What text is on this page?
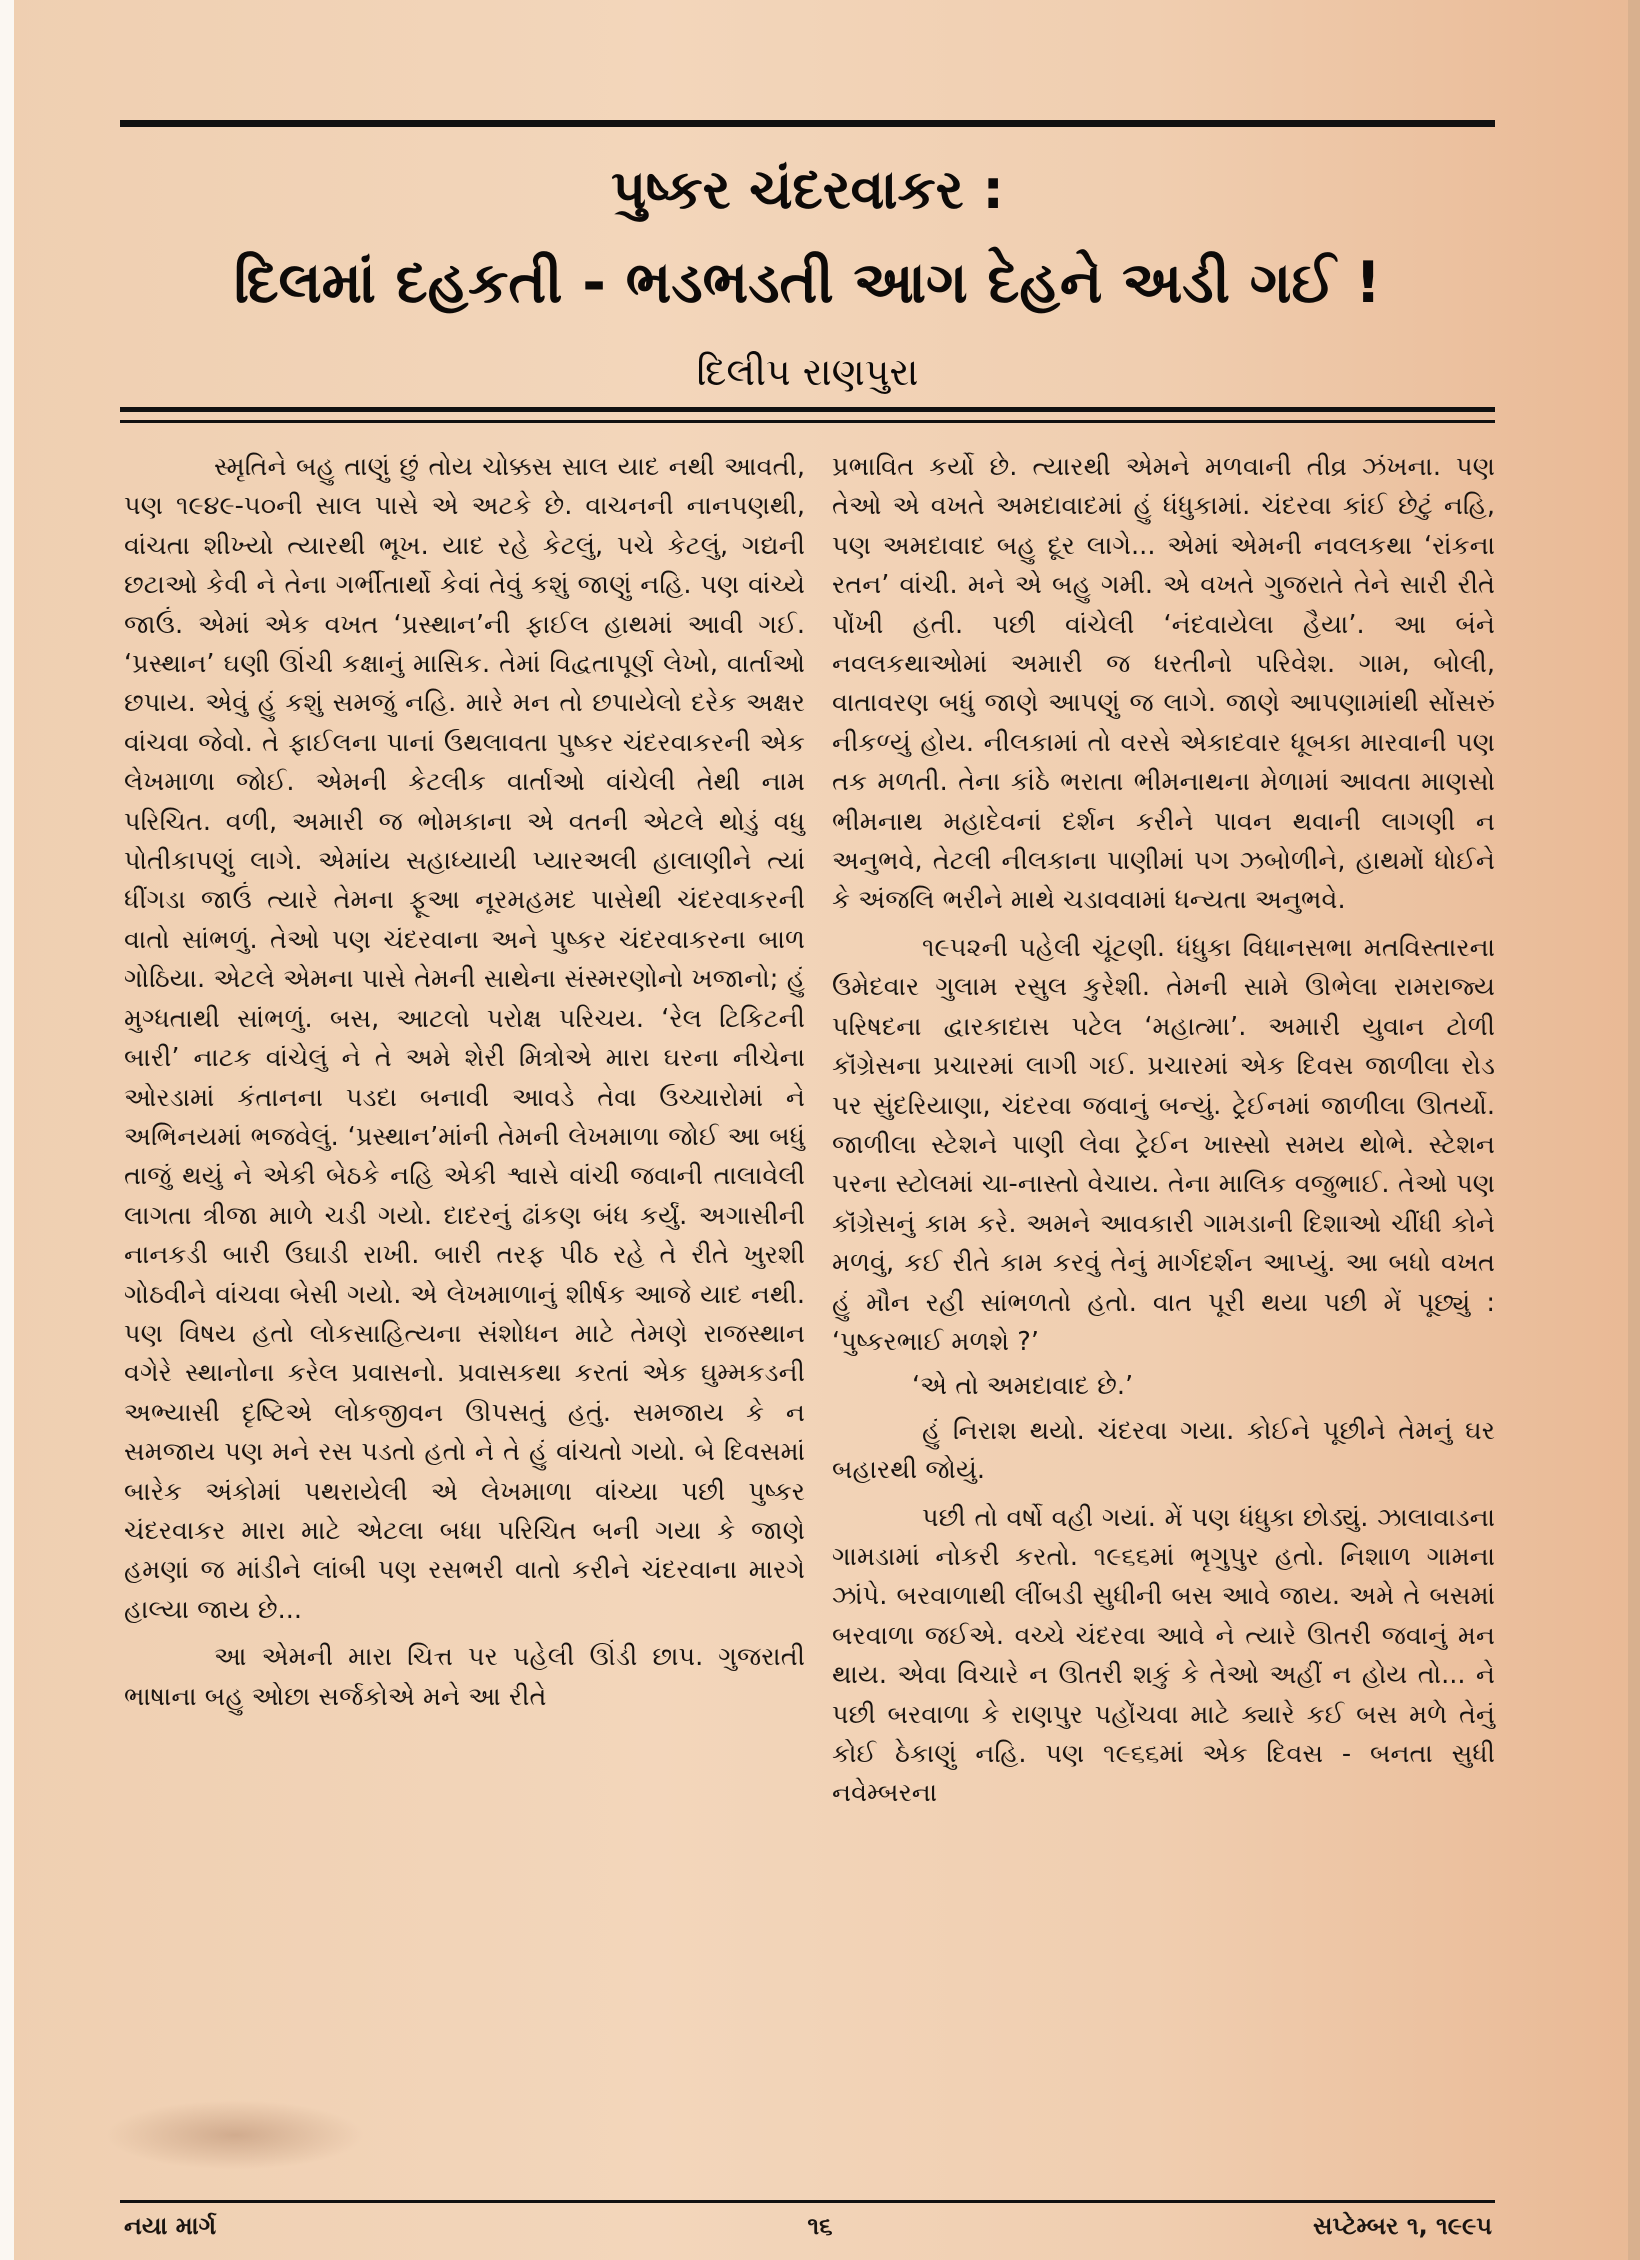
પુષ્કર ચંદરવાકર :
દિલમાં દહકતી - ભડભડતી આગ દેહને અડી ગઈ !
દિલીપ રાણપુરા

સ્મૃતિને બહુ તાણું છું તોય ચોક્કસ સાલ યાદ નથી આવતી, પણ ૧૯૪૯-૫૦ની સાલ પાસે એ અટકે છે. વાચનની નાનપણથી, વાંચતા શીખ્યો ત્યારથી ભૂખ. યાદ રહે કેટલું, પચે કેટલું, ગદ્યની છટાઓ કેવી ને તેના ગર્ભીતાર્થો કેવાં તેવું કશું જાણું નહિ. પણ વાંચ્યે જાઉં. એમાં એક વખત ‘પ્રસ્થાન’ની ફાઈલ હાથમાં આવી ગઈ. ‘પ્રસ્થાન’ ઘણી ઊંચી કક્ષાનું માસિક. તેમાં વિદ્વતાપૂર્ણ લેખો, વાર્તાઓ છપાય. એવું હું કશું સમજું નહિ. મારે મન તો છપાયેલો દરેક અક્ષર વાંચવા જેવો. તે ફાઈલના પાનાં ઉથલાવતા પુષ્કર ચંદરવાકરની એક લેખમાળા જોઈ. એમની કેટલીક વાર્તાઓ વાંચેલી તેથી નામ પરિચિત. વળી, અમારી જ ભોમકાના એ વતની એટલે થોડું વધુ પોતીકાપણું લાગે. એમાંય સહાધ્યાયી પ્યારઅલી હાલાણીને ત્યાં ધીંગડા જાઉં ત્યારે તેમના ફૂઆ નૂરમહમદ પાસેથી ચંદરવાકરની વાતો સાંભળું. તેઓ પણ ચંદરવાના અને પુષ્કર ચંદરવાકરના બાળ ગોઠિયા. એટલે એમના પાસે તેમની સાથેના સંસ્મરણોનો ખજાનો; હું મુગ્ધતાથી સાંભળું. બસ, આટલો પરોક્ષ પરિચય. ‘રેલ ટિકિટની બારી’ નાટક વાંચેલું ને તે અમે શેરી મિત્રોએ મારા ઘરના નીચેના ઓરડામાં કંતાનના પડદા બનાવી આવડે તેવા ઉચ્ચારોમાં ને અભિનયમાં ભજવેલું. ‘પ્રસ્થાન’માંની તેમની લેખમાળા જોઈ આ બધું તાજું થયું ને એકી બેઠકે નહિ એકી શ્વાસે વાંચી જવાની તાલાવેલી લાગતા ત્રીજા માળે ચડી ગયો. દાદરનું ઢાંકણ બંધ કર્યું. અગાસીની નાનકડી બારી ઉઘાડી રાખી. બારી તરફ પીઠ રહે તે રીતે ખુરશી ગોઠવીને વાંચવા બેસી ગયો. એ લેખમાળાનું શીર્ષક આજે યાદ નથી. પણ વિષય હતો લોકસાહિત્યના સંશોધન માટે તેમણે રાજસ્થાન વગેરે સ્થાનોના કરેલ પ્રવાસનો. પ્રવાસકથા કરતાં એક ઘુમ્મકડની અભ્યાસી દૃષ્ટિએ લોકજીવન ઊપસતું હતું. સમજાય કે ન સમજાય પણ મને રસ પડતો હતો ને તે હું વાંચતો ગયો. બે દિવસમાં બારેક અંકોમાં પથરાયેલી એ લેખમાળા વાંચ્યા પછી પુષ્કર ચંદરવાકર મારા માટે એટલા બધા પરિચિત બની ગયા કે જાણે હમણાં જ માંડીને લાંબી પણ રસભરી વાતો કરીને ચંદરવાના મારગે હાલ્યા જાય છે...

આ એમની મારા ચિત્ત પર પહેલી ઊંડી છાપ. ગુજરાતી ભાષાના બહુ ઓછા સર્જકોએ મને આ રીતે

પ્રભાવિત કર્યો છે. ત્યારથી એમને મળવાની તીવ્ર ઝંખના. પણ તેઓ એ વખતે અમદાવાદમાં હું ધંધુકામાં. ચંદરવા કાંઈ છેટું નહિ, પણ અમદાવાદ બહુ દૂર લાગે... એમાં એમની નવલકથા ‘રાંકના રતન’ વાંચી. મને એ બહુ ગમી. એ વખતે ગુજરાતે તેને સારી રીતે પોંખી હતી. પછી વાંચેલી ‘નંદવાયેલા હૈયા’. આ બંને નવલકથાઓમાં અમારી જ ધરતીનો પરિવેશ. ગામ, બોલી, વાતાવરણ બધું જાણે આપણું જ લાગે. જાણે આપણામાંથી સોંસરું નીકળ્યું હોય. નીલકામાં તો વરસે એકાદવાર ધૂબકા મારવાની પણ તક મળતી. તેના કાંઠે ભરાતા ભીમનાથના મેળામાં આવતા માણસો ભીમનાથ મહાદેવનાં દર્શન કરીને પાવન થવાની લાગણી ન અનુભવે, તેટલી નીલકાના પાણીમાં પગ ઝબોળીને, હાથમોં ધોઈને કે અંજલિ ભરીને માથે ચડાવવામાં ધન્યતા અનુભવે.

૧૯૫૨ની પહેલી ચૂંટણી. ધંધુકા વિધાનસભા મતવિસ્તારના ઉમેદવાર ગુલામ રસુલ કુરેશી. તેમની સામે ઊભેલા રામરાજ્ય પરિષદના દ્વારકાદાસ પટેલ ‘મહાત્મા’. અમારી યુવાન ટોળી કૉંગ્રેસના પ્રચારમાં લાગી ગઈ. પ્રચારમાં એક દિવસ જાળીલા રોડ પર સુંદરિયાણા, ચંદરવા જવાનું બન્યું. ટ્રેઈનમાં જાળીલા ઊતર્યો. જાળીલા સ્ટેશને પાણી લેવા ટ્રેઈન ખાસ્સો સમય થોભે. સ્ટેશન પરના સ્ટોલમાં ચા-નાસ્તો વેચાય. તેના માલિક વજુભાઈ. તેઓ પણ કૉંગ્રેસનું કામ કરે. અમને આવકારી ગામડાની દિશાઓ ચીંધી કોને મળવું, કઈ રીતે કામ કરવું તેનું માર્ગદર્શન આપ્યું. આ બધો વખત હું મૌન રહી સાંભળતો હતો. વાત પૂરી થયા પછી મેં પૂછ્યું : ‘પુષ્કરભાઈ મળશે ?’

‘એ તો અમદાવાદ છે.’

હું નિરાશ થયો. ચંદરવા ગયા. કોઈને પૂછીને તેમનું ઘર બહારથી જોયું.

પછી તો વર્ષો વહી ગયાં. મેં પણ ધંધુકા છોડ્યું. ઝાલાવાડના ગામડામાં નોકરી કરતો. ૧૯૬૬માં ભૃગુપુર હતો. નિશાળ ગામના ઝાંપે. બરવાળાથી લીંબડી સુધીની બસ આવે જાય. અમે તે બસમાં બરવાળા જઈએ. વચ્ચે ચંદરવા આવે ને ત્યારે ઊતરી જવાનું મન થાય. એવા વિચારે ન ઊતરી શકું કે તેઓ અહીં ન હોય તો... ને પછી બરવાળા કે રાણપુર પહોંચવા માટે ક્યારે કઈ બસ મળે તેનું કોઈ ઠેકાણું નહિ. પણ ૧૯૬૬માં એક દિવસ - બનતા સુધી નવેમ્બરના

નયા માર્ગ	૧૬	સપ્ટેમ્બર ૧, ૧૯૯૫
